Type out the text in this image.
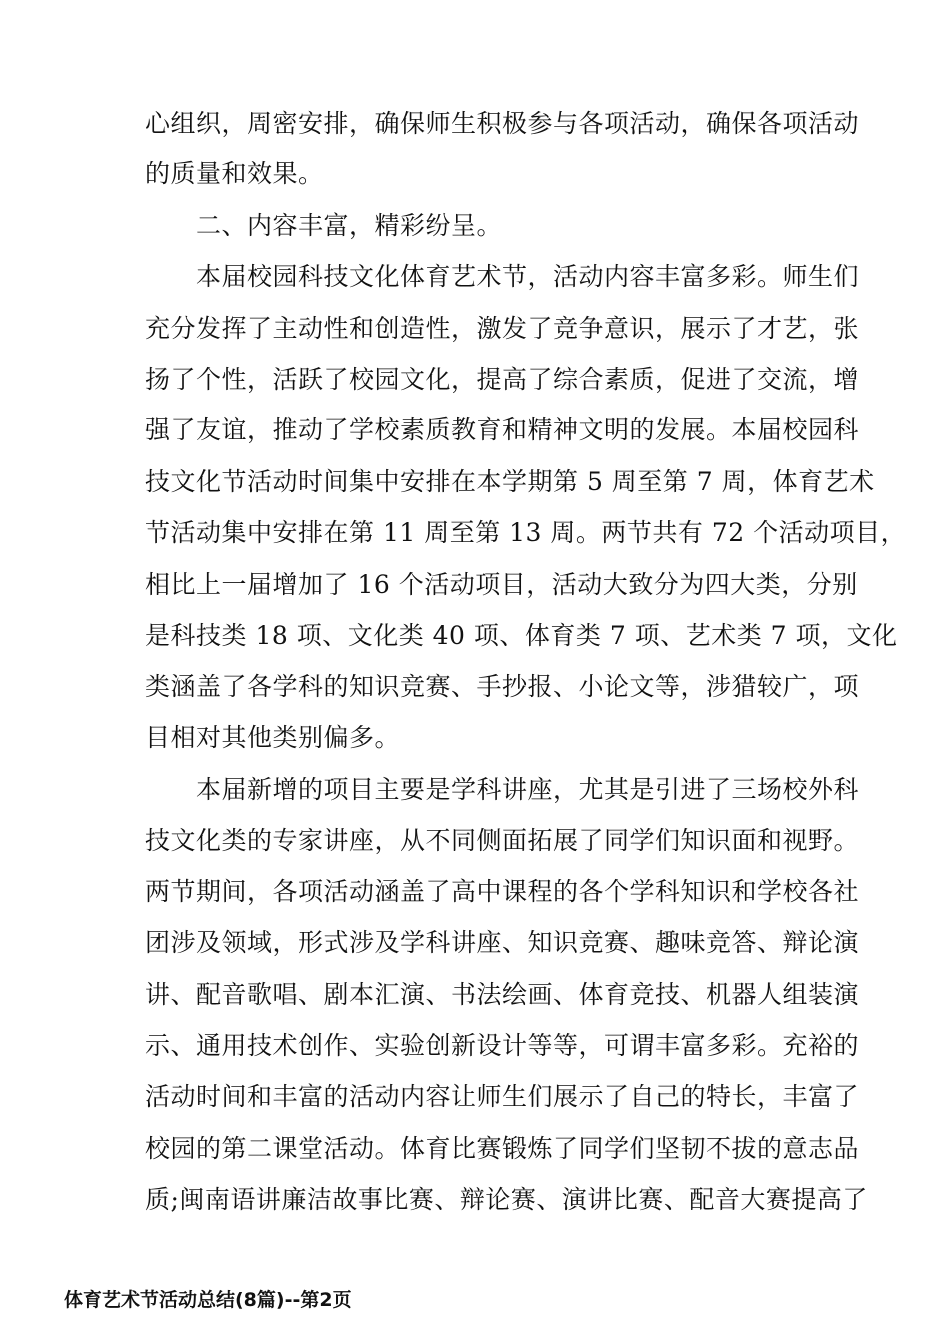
心组织，周密安排，确保师生积极参与各项活动，确保各项活动
的质量和效果。
　　二、内容丰富，精彩纷呈。
　　本届校园科技文化体育艺术节，活动内容丰富多彩。师生们
充分发挥了主动性和创造性，激发了竞争意识，展示了才艺，张
扬了个性，活跃了校园文化，提高了综合素质，促进了交流，增
强了友谊，推动了学校素质教育和精神文明的发展。本届校园科
技文化节活动时间集中安排在本学期第 5 周至第 7 周，体育艺术
节活动集中安排在第 11 周至第 13 周。两节共有 72 个活动项目，
相比上一届增加了 16 个活动项目，活动大致分为四大类，分别
是科技类 18 项、文化类 40 项、体育类 7 项、艺术类 7 项，文化
类涵盖了各学科的知识竞赛、手抄报、小论文等，涉猎较广，项
目相对其他类别偏多。
　　本届新增的项目主要是学科讲座，尤其是引进了三场校外科
技文化类的专家讲座，从不同侧面拓展了同学们知识面和视野。
两节期间，各项活动涵盖了高中课程的各个学科知识和学校各社
团涉及领域，形式涉及学科讲座、知识竞赛、趣味竞答、辩论演
讲、配音歌唱、剧本汇演、书法绘画、体育竞技、机器人组装演
示、通用技术创作、实验创新设计等等，可谓丰富多彩。充裕的
活动时间和丰富的活动内容让师生们展示了自己的特长，丰富了
校园的第二课堂活动。体育比赛锻炼了同学们坚韧不拔的意志品
质;闽南语讲廉洁故事比赛、辩论赛、演讲比赛、配音大赛提高了
体育艺术节活动总结(8篇)--第2页
